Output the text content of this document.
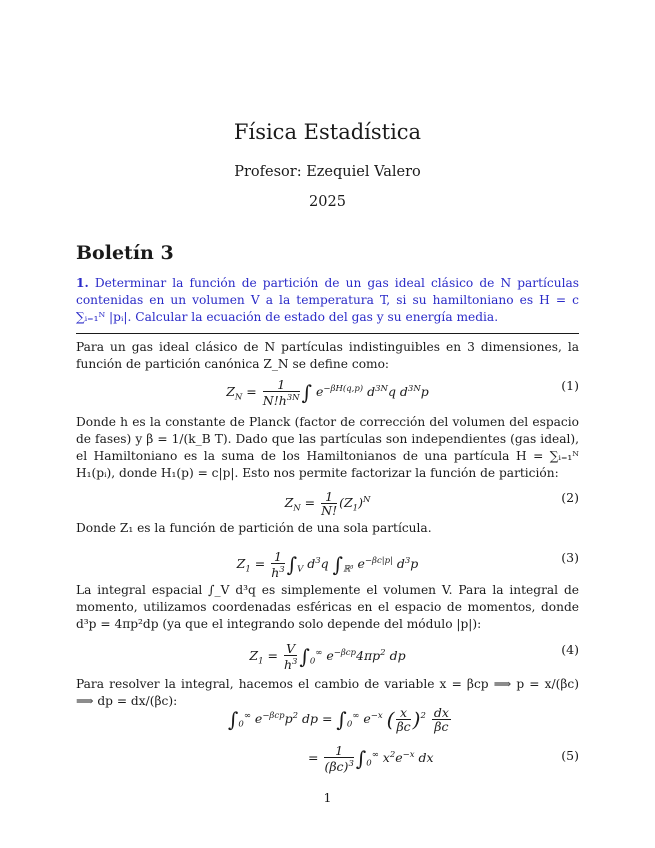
Física Estadística
Profesor: Ezequiel Valero
2025
Boletín 3
1. Determinar la función de partición de un gas ideal clásico de N partículas contenidas en un volumen V a la temperatura T, si su hamiltoniano es H = c ∑ᵢ₌₁ᴺ |pᵢ|. Calcular la ecuación de estado del gas y su energía media.
Para un gas ideal clásico de N partículas indistinguibles en 3 dimensiones, la función de partición canónica Z_N se define como:
$Z_N = \frac{1}{N!h^{3N}}$ ∫ $e^{-\beta H(q,p)}$ $d^{3N}q$ $d^{3N}p$	(1)
Donde h es la constante de Planck (factor de corrección del volumen del espacio de fases) y β = 1/(k_B T). Dado que las partículas son independientes (gas ideal), el Hamiltoniano es la suma de los Hamiltonianos de una partícula H = ∑ᵢ₌₁ᴺ H₁(pᵢ), donde H₁(p) = c|p|. Esto nos permite factorizar la función de partición:
$Z_N = \frac{1}{N!} (Z_1)^N$	(2)
Donde Z₁ es la función de partición de una sola partícula.
$Z_1 = \frac{1}{h^3} \int_V$ $d^3q$ $\int_{ℝ^3}$ $e^{-\beta c|p|}$ $d^3p$	(3)
La integral espacial ∫_V d³q es simplemente el volumen V. Para la integral de momento, utilizamos coordenadas esféricas en el espacio de momentos, donde d³p = 4πp²dp (ya que el integrando solo depende del módulo |p|):
$Z_1 = \frac{V}{h^3} \int_0^\infty$ $e^{-\beta cp}4\pi p^2$ dp	(4)
Para resolver la integral, hacemos el cambio de variable x = βcp ⟹ p = x/(βc) ⟹ dp = dx/(βc):
$\int_0^\infty$ $e^{-\beta cp}p^2$ dp = $\int_0^\infty$ $e^{-x}$ ( $\frac{x}{\beta c} )^2 \frac{dx}{\beta c}$
= $\frac{1}{(\beta c)^3} \int_0^\infty$ $x^2e^{-x}$ dx	(5)
1
